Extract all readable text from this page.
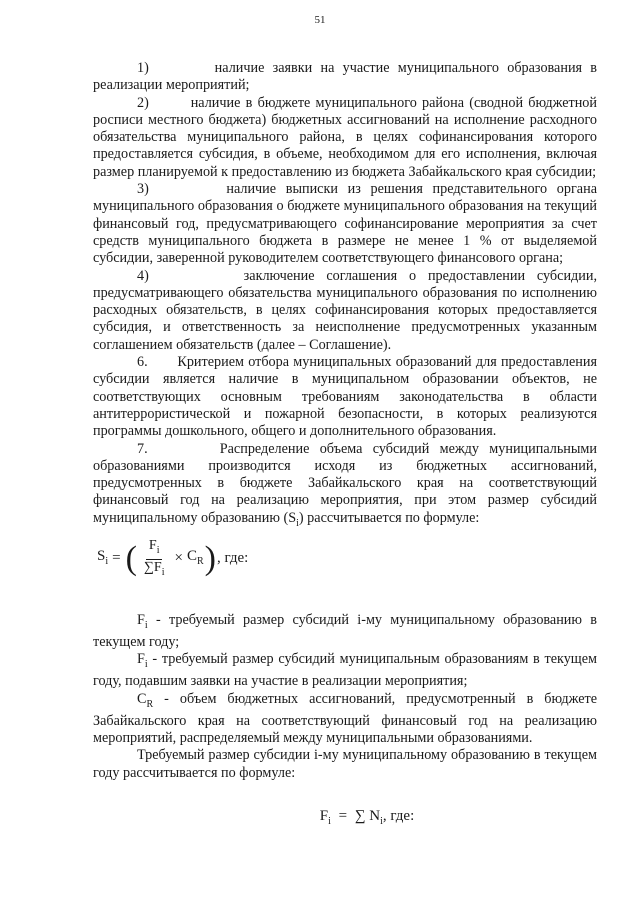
51

1)        наличие заявки на участие муниципального образования в реализации мероприятий;

2)        наличие в бюджете муниципального района (сводной бюджетной росписи местного бюджета) бюджетных ассигнований на исполнение расходного обязательства муниципального района, в целях софинансирования которого предоставляется субсидия, в объеме, необходимом для его исполнения, включая размер планируемой к предоставлению из бюджета Забайкальского края субсидии;

3)        наличие выписки из решения представительного органа муниципального образования о бюджете муниципального образования на текущий финансовый год, предусматривающего софинансирование мероприятия за счет средств муниципального бюджета в размере не менее 1 % от выделяемой субсидии, заверенной руководителем соответствующего финансового органа;

4)        заключение соглашения о предоставлении субсидии, предусматривающего обязательства муниципального образования по исполнению расходных обязательств, в целях софинансирования которых предоставляется субсидия, и ответственность за неисполнение предусмотренных указанным соглашением обязательств (далее – Соглашение).

6.       Критерием отбора муниципальных образований для предоставления субсидии является наличие в муниципальном образовании объектов, не соответствующих основным требованиям законодательства в области антитеррористической и пожарной безопасности, в которых реализуются программы дошкольного, общего и дополнительного образования.

7.       Распределение объема субсидий между муниципальными образованиями производится исходя из бюджетных ассигнований, предусмотренных в бюджете Забайкальского края на соответствующий финансовый год на реализацию мероприятия, при этом размер субсидий муниципальному образованию $(S_i)$ рассчитывается по формуле:

$S_i$ = ( $\frac{F_i}{\sum F_i} \times C_R$ ) , где:

$F_i$ - требуемый размер субсидий i-му муниципальному образованию в текущем году;

$F_i$ - требуемый размер субсидий муниципальным образованиям в текущем году, подавшим заявки на участие в реализации мероприятия;

$C_R$ - объем бюджетных ассигнований, предусмотренный в бюджете Забайкальского края на соответствующий финансовый год на реализацию мероприятий, распределяемый между муниципальными образованиями.

Требуемый размер субсидии i-му муниципальному образованию в текущем году рассчитывается по формуле:

$F_i$ = ∑ $N_i$, где:
